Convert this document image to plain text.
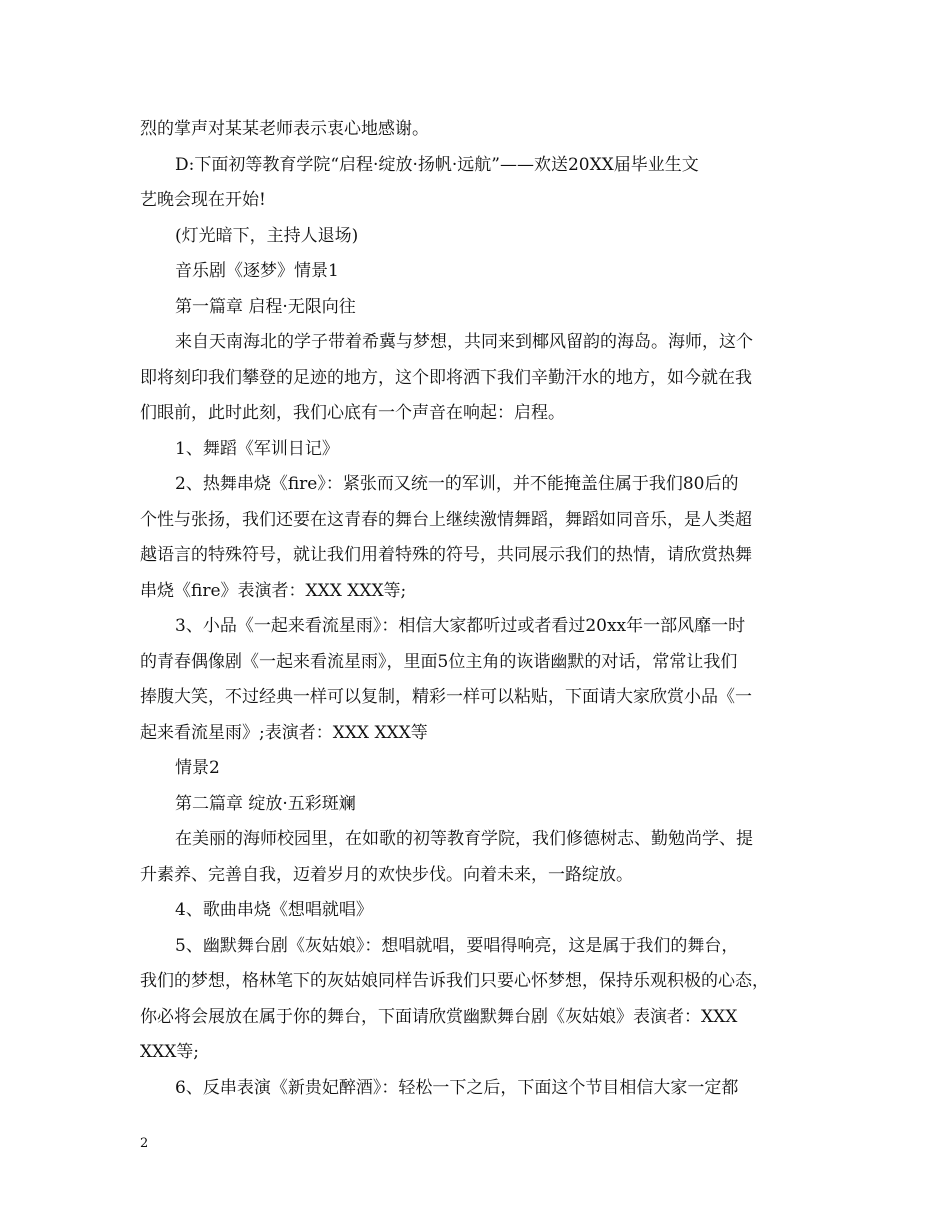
烈的掌声对某某老师表示衷心地感谢。

D:下面初等教育学院“启程·绽放·扬帆·远航”——欢送20XX届毕业生文

艺晚会现在开始!

(灯光暗下，主持人退场)

音乐剧《逐梦》情景1

第一篇章 启程·无限向往

来自天南海北的学子带着希冀与梦想，共同来到椰风留韵的海岛。海师，这个

即将刻印我们攀登的足迹的地方，这个即将洒下我们辛勤汗水的地方，如今就在我

们眼前，此时此刻，我们心底有一个声音在响起：启程。

1、舞蹈《军训日记》

2、热舞串烧《fire》：紧张而又统一的军训，并不能掩盖住属于我们80后的

个性与张扬，我们还要在这青春的舞台上继续激情舞蹈，舞蹈如同音乐，是人类超

越语言的特殊符号，就让我们用着特殊的符号，共同展示我们的热情，请欣赏热舞

串烧《fire》表演者：XXX XXX等;

3、小品《一起来看流星雨》：相信大家都听过或者看过20xx年一部风靡一时

的青春偶像剧《一起来看流星雨》，里面5位主角的诙谐幽默的对话，常常让我们

捧腹大笑，不过经典一样可以复制，精彩一样可以粘贴，下面请大家欣赏小品《一

起来看流星雨》;表演者：XXX XXX等

情景2

第二篇章 绽放·五彩斑斓

在美丽的海师校园里，在如歌的初等教育学院，我们修德树志、勤勉尚学、提

升素养、完善自我，迈着岁月的欢快步伐。向着未来，一路绽放。

4、歌曲串烧《想唱就唱》

5、幽默舞台剧《灰姑娘》：想唱就唱，要唱得响亮，这是属于我们的舞台，

我们的梦想，格林笔下的灰姑娘同样告诉我们只要心怀梦想，保持乐观积极的心态，

你必将会展放在属于你的舞台，下面请欣赏幽默舞台剧《灰姑娘》表演者：XXX

XXX等;

6、反串表演《新贵妃醉酒》：轻松一下之后，下面这个节目相信大家一定都

2
